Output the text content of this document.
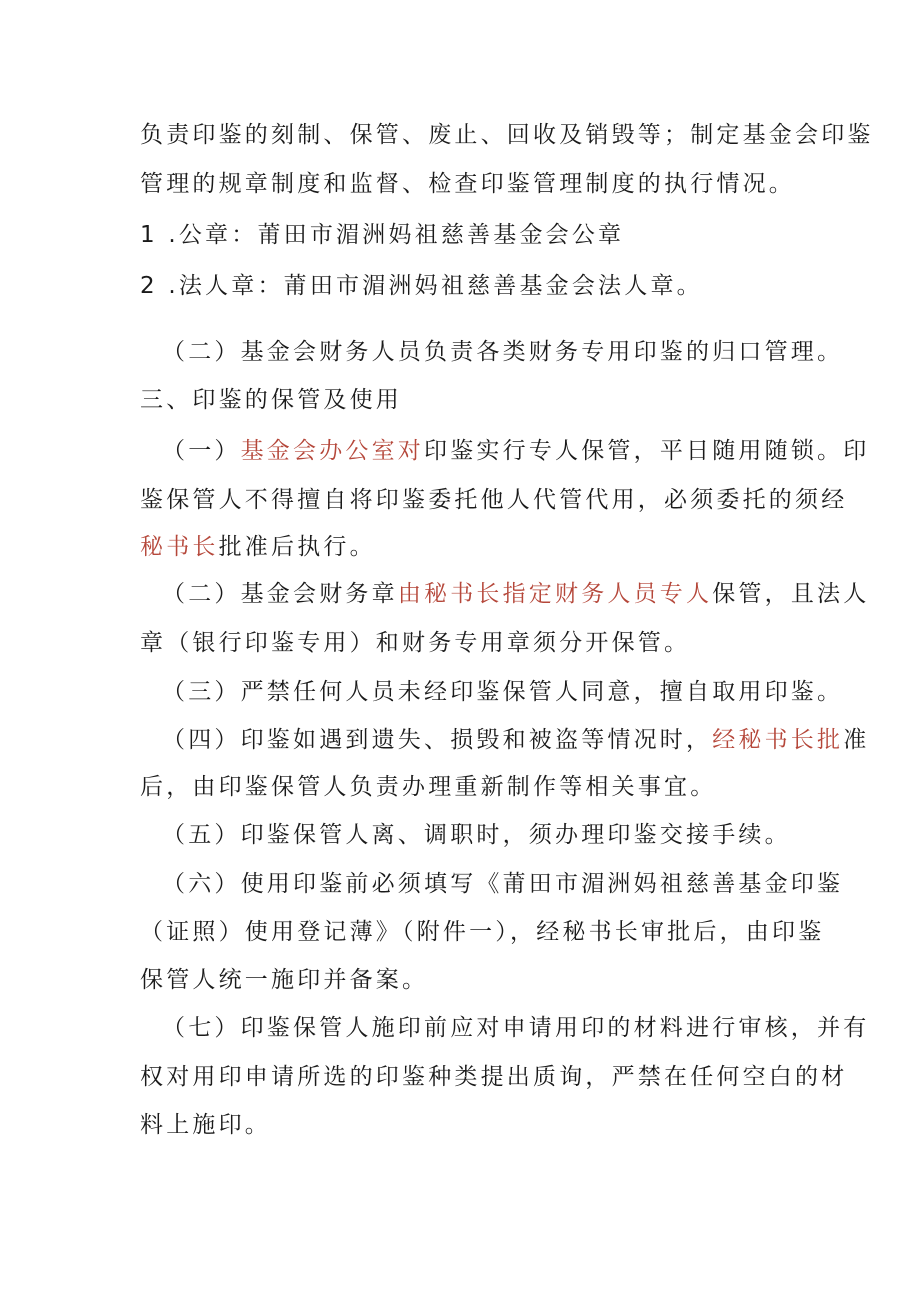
负责印鉴的刻制、保管、废止、回收及销毁等；制定基金会印鉴
管理的规章制度和监督、检查印鉴管理制度的执行情况。
1 .公章：莆田市湄洲妈祖慈善基金会公章
2 .法人章：莆田市湄洲妈祖慈善基金会法人章。
（二）基金会财务人员负责各类财务专用印鉴的归口管理。
三、印鉴的保管及使用
（一）基金会办公室对印鉴实行专人保管，平日随用随锁。印
鉴保管人不得擅自将印鉴委托他人代管代用，必须委托的须经
秘书长批准后执行。
（二）基金会财务章由秘书长指定财务人员专人保管，且法人
章（银行印鉴专用）和财务专用章须分开保管。
（三）严禁任何人员未经印鉴保管人同意，擅自取用印鉴。
（四）印鉴如遇到遗失、损毁和被盗等情况时，经秘书长批准
后，由印鉴保管人负责办理重新制作等相关事宜。
（五）印鉴保管人离、调职时，须办理印鉴交接手续。
（六）使用印鉴前必须填写《莆田市湄洲妈祖慈善基金印鉴
（证照）使用登记薄》（附件一），经秘书长审批后，由印鉴
保管人统一施印并备案。
（七）印鉴保管人施印前应对申请用印的材料进行审核，并有
权对用印申请所选的印鉴种类提出质询，严禁在任何空白的材
料上施印。
